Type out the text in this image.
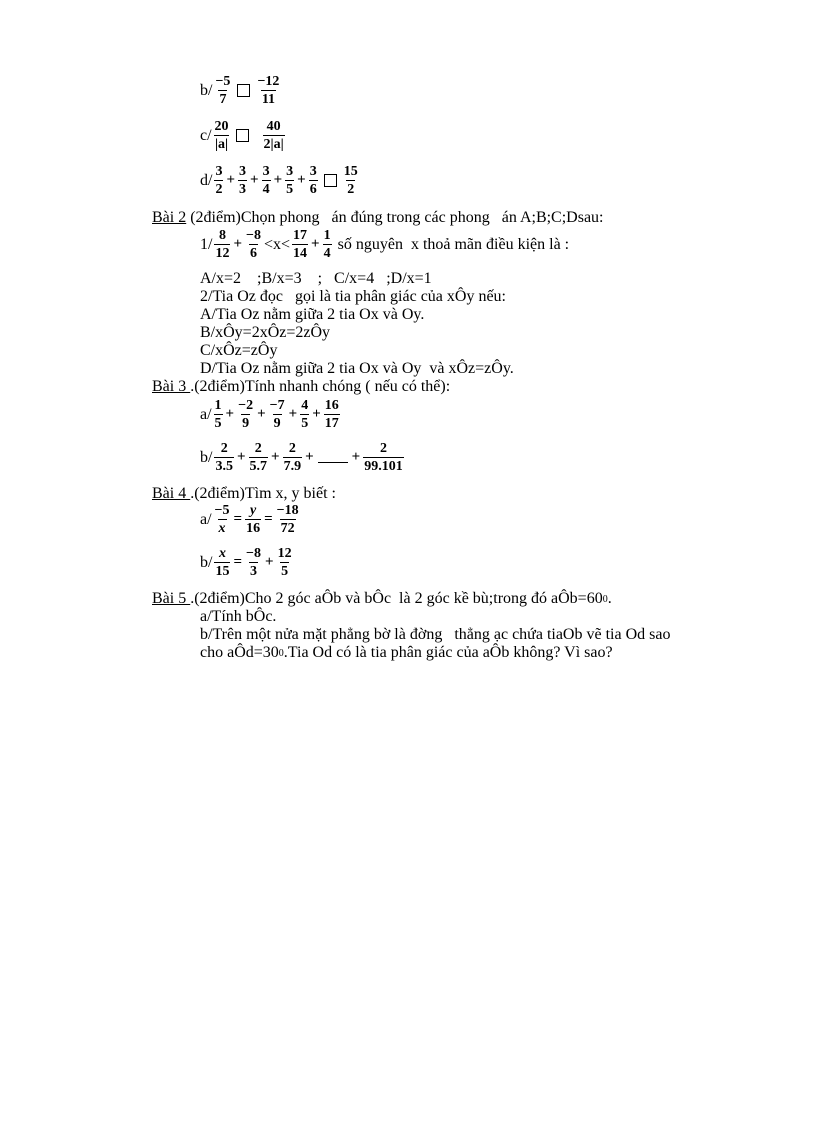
$b/ \frac{-5}{7} \frac{-12}{11}$
$c/ \frac{20}{|a|} \frac{40}{2|a|}$
$d/ \frac{3}{2} + \frac{3}{3} + \frac{3}{4} + \frac{3}{5} + \frac{3}{6} \frac{15}{2}$
Bài 2 (2điểm)Chọn phong   án đúng trong các phong   án A;B;C;Dsau:
$1/ \frac{8}{12} + \frac{-8}{6} <x< \frac{17}{14} + \frac{1}{4}$ số nguyên  x thoả mãn điều kiện là :
A/x=2    ;B/x=3    ;   C/x=4   ;D/x=1
2/Tia Oz đọc   gọi là tia phân giác của xÔy nếu:
A/Tia Oz nằm giữa 2 tia Ox và Oy.
B/xÔy=2xÔz=2zÔy
C/xÔz=zÔy
D/Tia Oz nằm giữa 2 tia Ox và Oy  và xÔz=zÔy.
Bài 3 .(2điểm)Tính nhanh chóng ( nếu có thể):
$a/ \frac{1}{5} + \frac{-2}{9} + \frac{-7}{9} + \frac{4}{5} + \frac{16}{17}$
$b/ \frac{2}{3.5} + \frac{2}{5.7} + \frac{2}{7.9}$ +	+ $\frac{2}{99.101}$
Bài 4 .(2điểm)Tìm x, y biết :
$a/ \frac{-5}{x} = \frac{y}{16} = \frac{-18}{72}$
$b/ \frac{x}{15} = \frac{-8}{3} + \frac{12}{5}$
Bài 5 .(2điểm)Cho 2 góc aÔb và bÔc  là 2 góc kề bù;trong đó aÔb=60 0 .
a/Tính bÔc.
b/Trên một nửa mặt phẳng bờ là đờng   thẳng ạc chứa tiaOb vẽ tia Od sao
cho aÔd=30 0 .Tia Od có là tia phân giác của aÔb không? Vì sao?
